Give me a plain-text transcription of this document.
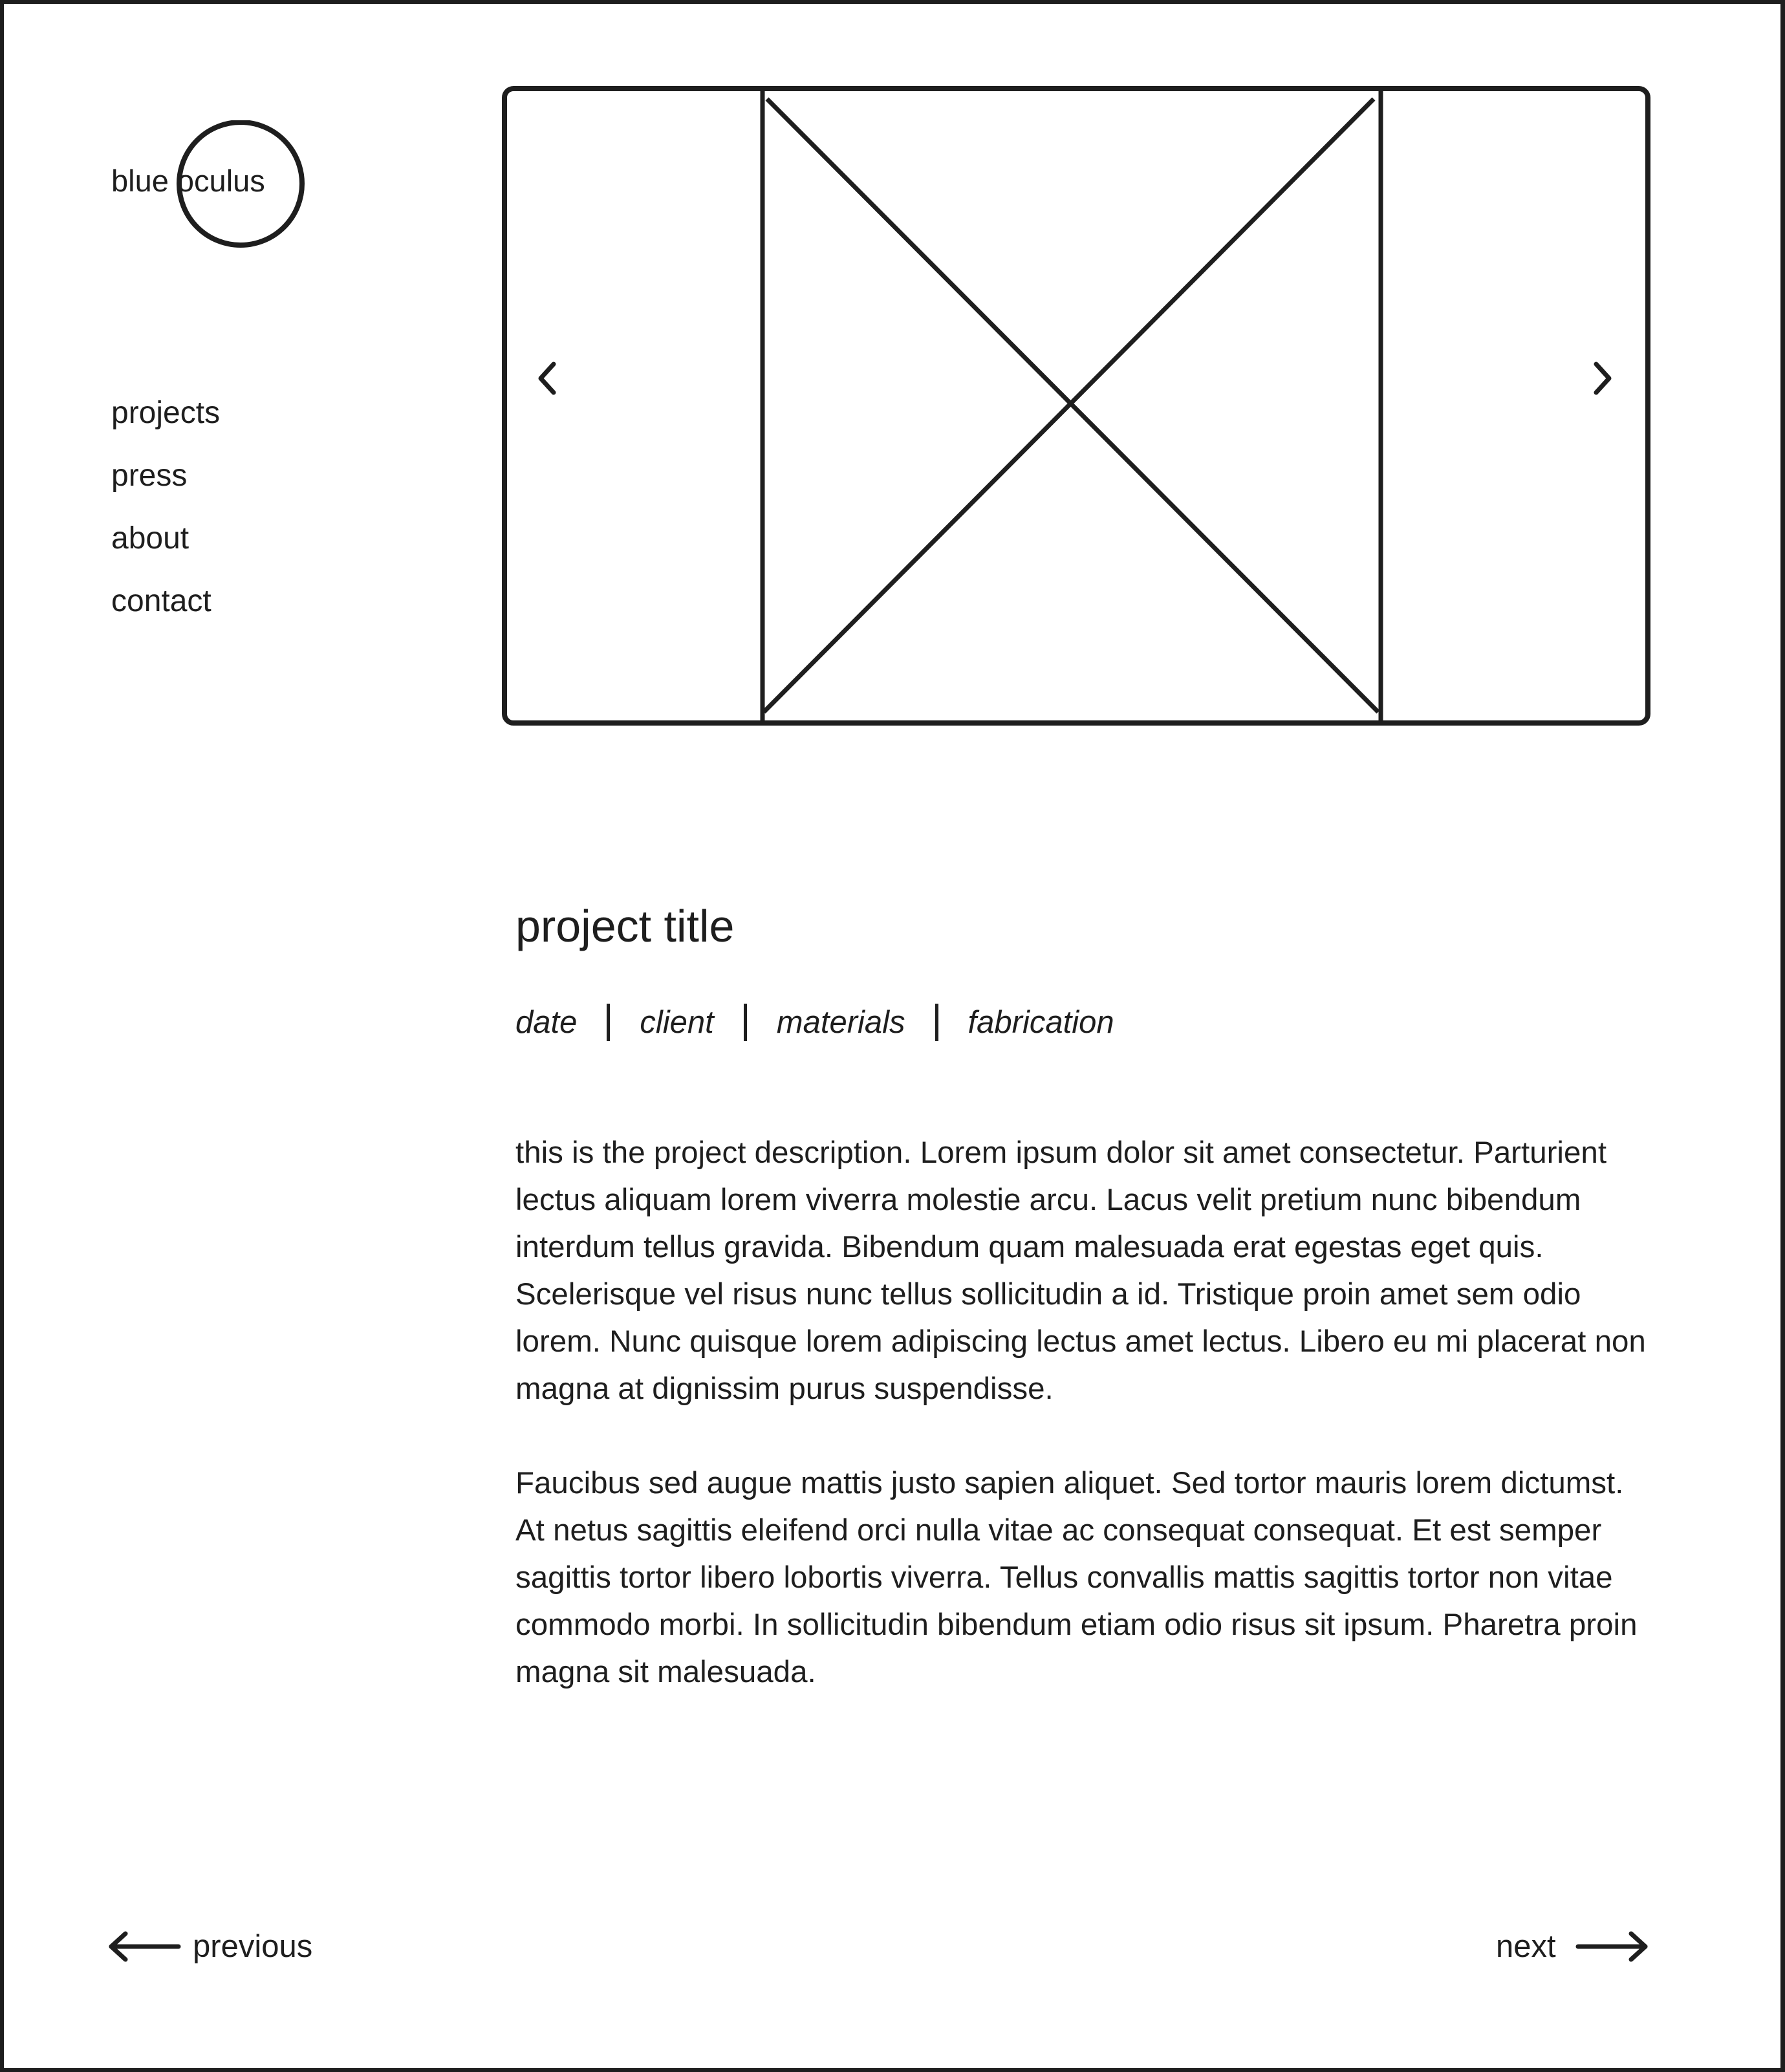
blue oculus
projects
press
about
contact
project title
date client materials fabrication

this is the project description. Lorem ipsum dolor sit amet consectetur. Parturient lectus aliquam lorem viverra molestie arcu. Lacus velit pretium nunc bibendum interdum tellus gravida. Bibendum quam malesuada erat egestas eget quis. Scelerisque vel risus nunc tellus sollicitudin a id. Tristique proin amet sem odio lorem. Nunc quisque lorem adipiscing lectus amet lectus. Libero eu mi placerat non magna at dignissim purus suspendisse.

Faucibus sed augue mattis justo sapien aliquet. Sed tortor mauris lorem dictumst. At netus sagittis eleifend orci nulla vitae ac consequat consequat. Et est semper sagittis tortor libero lobortis viverra. Tellus convallis mattis sagittis tortor non vitae commodo morbi. In sollicitudin bibendum etiam odio risus sit ipsum. Pharetra proin magna sit malesuada.

previous	next
